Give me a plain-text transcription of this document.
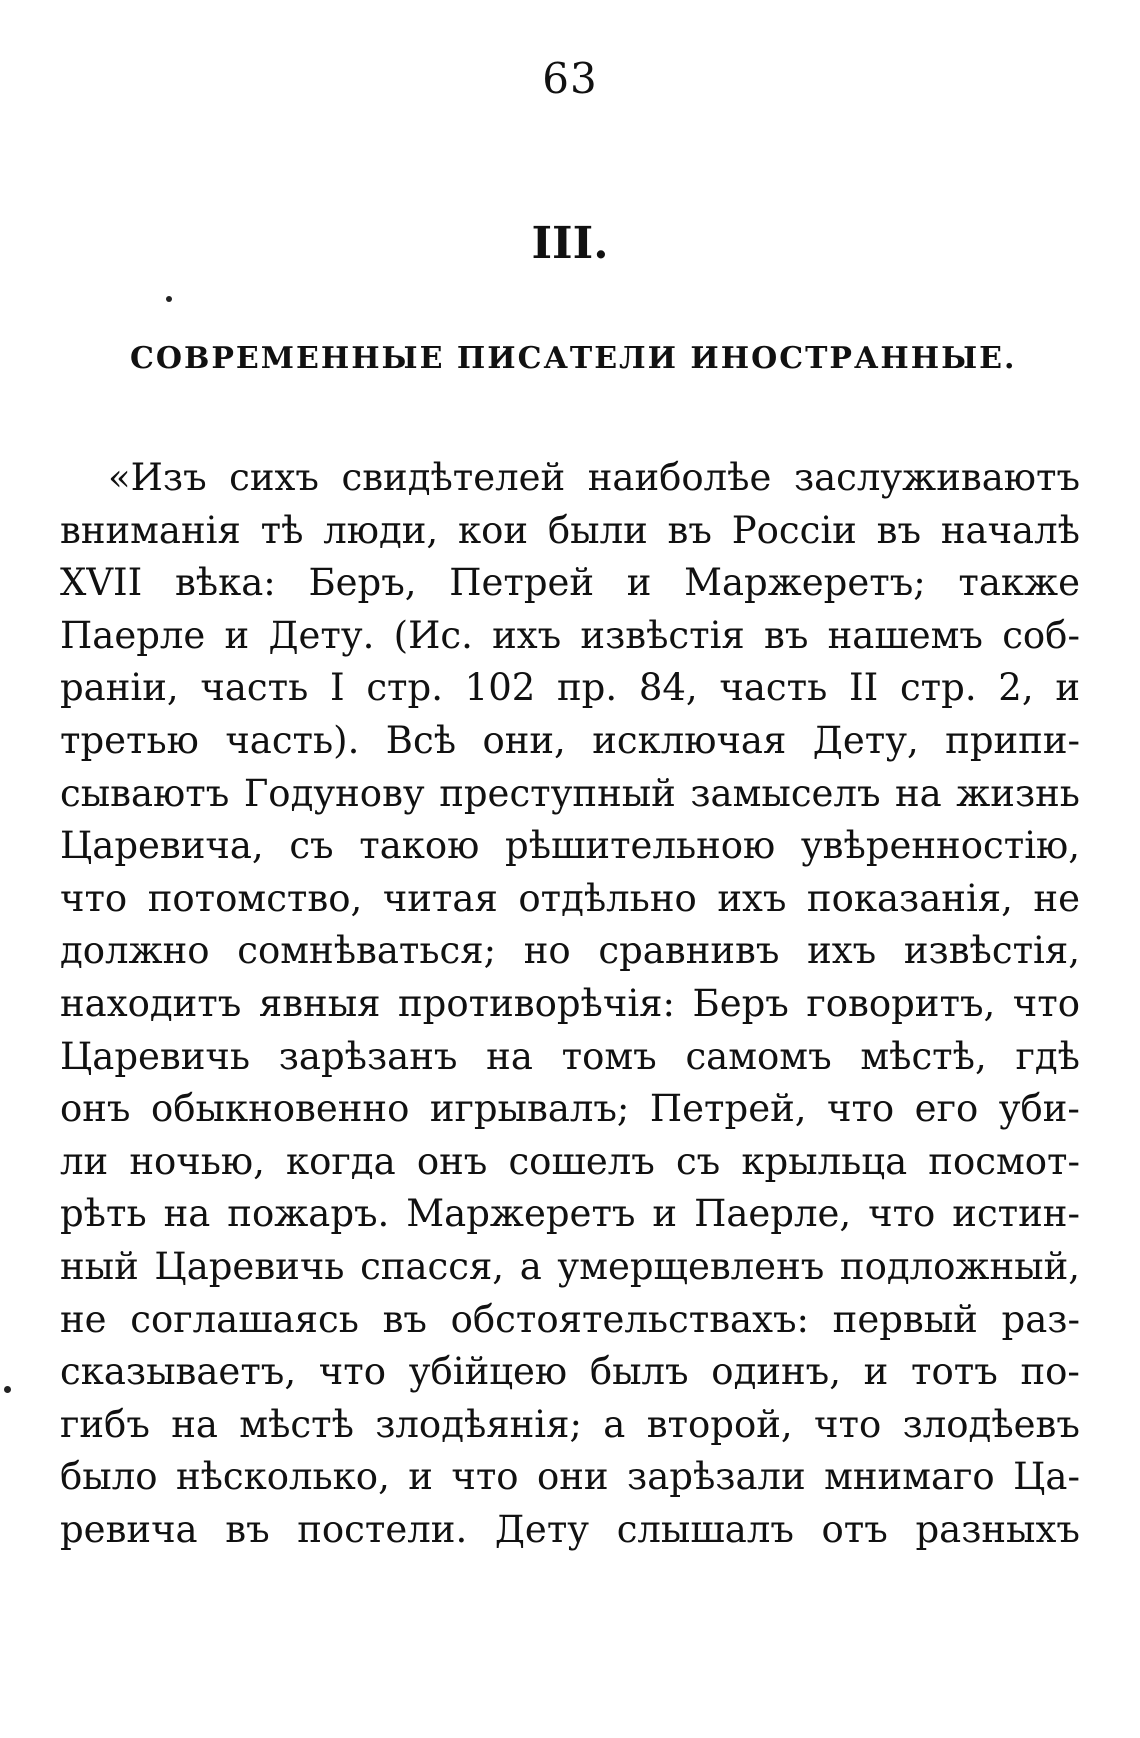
63
III.
СОВРЕМЕННЫЕ ПИСАТЕЛИ ИНОСТРАННЫЕ.
«Изъ сихъ свидѣтелей наиболѣе заслуживаютъ
вниманія тѣ люди, кои были въ Россіи въ началѣ
XVII вѣка: Беръ, Петрей и Маржеретъ; также
Паерле и Дету. (Ис. ихъ извѣстія въ нашемъ соб-
раніи, часть I стр. 102 пр. 84, часть II стр. 2, и
третью часть). Всѣ они, исключая Дету, припи-
сываютъ Годунову преступный замыселъ на жизнь
Царевича, съ такою рѣшительною увѣренностію,
что потомство, читая отдѣльно ихъ показанія, не
должно сомнѣваться; но сравнивъ ихъ извѣстія,
находитъ явныя противорѣчія: Беръ говоритъ, что
Царевичь зарѣзанъ на томъ самомъ мѣстѣ, гдѣ
онъ обыкновенно игрывалъ; Петрей, что его уби-
ли ночью, когда онъ сошелъ съ крыльца посмот-
рѣть на пожаръ. Маржеретъ и Паерле, что истин-
ный Царевичь спасся, а умерщевленъ подложный,
не соглашаясь въ обстоятельствахъ: первый раз-
сказываетъ, что убійцею былъ одинъ, и тотъ по-
гибъ на мѣстѣ злодѣянія; а второй, что злодѣевъ
было нѣсколько, и что они зарѣзали мнимаго Ца-
ревича въ постели. Дету слышалъ отъ разныхъ
